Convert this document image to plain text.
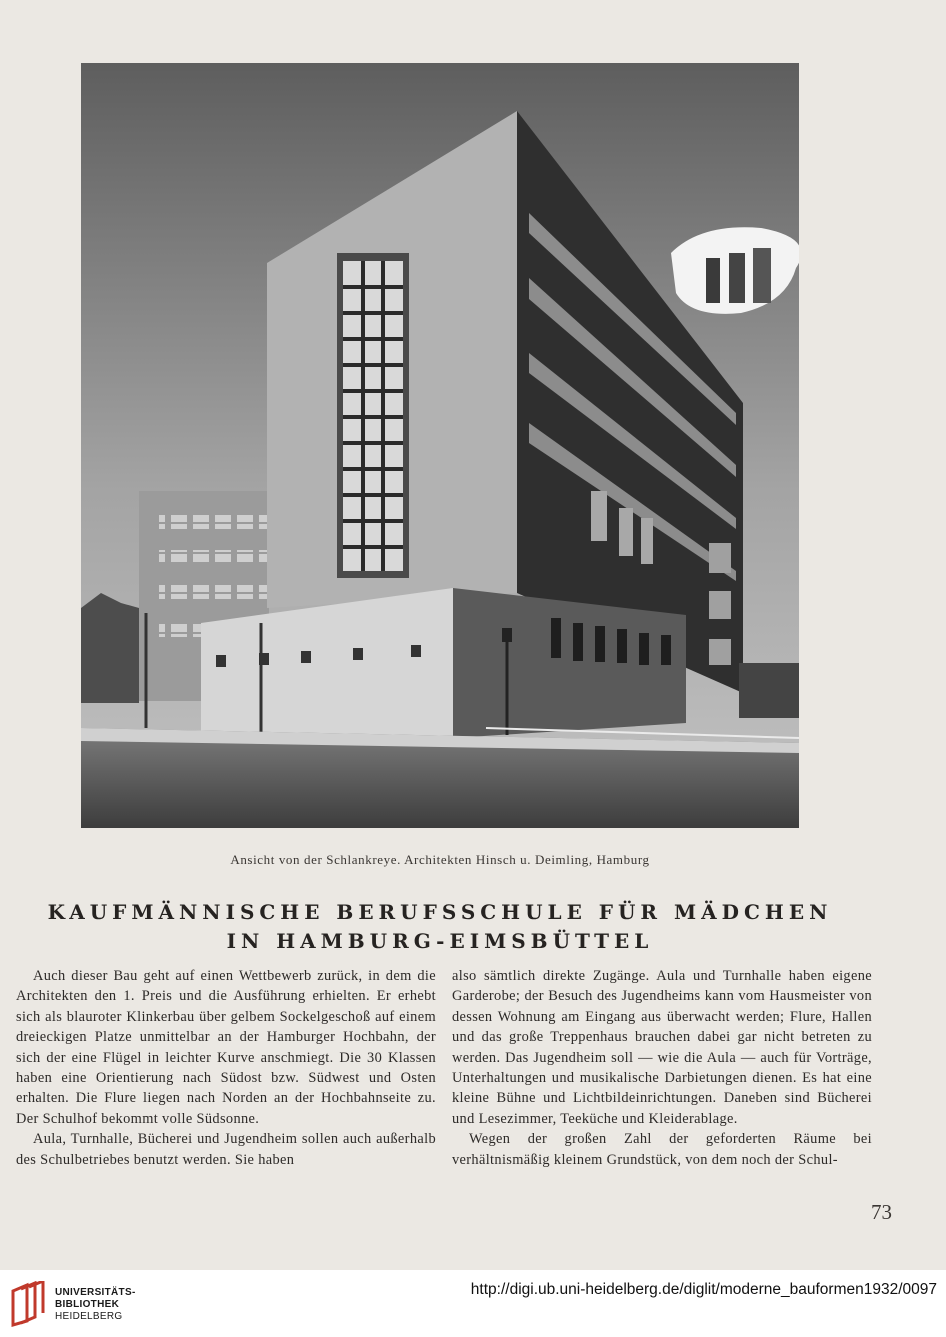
Ansicht von der Schlankreye. Architekten Hinsch u. Deimling, Hamburg
KAUFMÄNNISCHE BERUFSSCHULE FÜR MÄDCHEN
IN HAMBURG-EIMSBÜTTEL

Auch dieser Bau geht auf einen Wettbewerb zurück, in dem die Architekten den 1. Preis und die Ausführung erhielten. Er erhebt sich als blauroter Klinkerbau über gelbem Sockelgeschoß auf einem dreieckigen Platze unmittelbar an der Hamburger Hochbahn, der sich der eine Flügel in leichter Kurve anschmiegt. Die 30 Klassen haben eine Orientierung nach Südost bzw. Südwest und Osten erhalten. Die Flure liegen nach Norden an der Hochbahnseite zu. Der Schulhof bekommt volle Südsonne.

Aula, Turnhalle, Bücherei und Jugendheim sollen auch außerhalb des Schulbetriebes benutzt werden. Sie haben

also sämtlich direkte Zugänge. Aula und Turnhalle haben eigene Garderobe; der Besuch des Jugendheims kann vom Hausmeister von dessen Wohnung am Eingang aus überwacht werden; Flure, Hallen und das große Treppenhaus brauchen dabei gar nicht betreten zu werden. Das Jugendheim soll — wie die Aula — auch für Vorträge, Unterhaltungen und musikalische Darbietungen dienen. Es hat eine kleine Bühne und Lichtbildeinrichtungen. Daneben sind Bücherei und Lesezimmer, Teeküche und Kleiderablage.

Wegen der großen Zahl der geforderten Räume bei verhältnismäßig kleinem Grundstück, von dem noch der Schul-

73
UNIVERSITÄTS-
BIBLIOTHEK
HEIDELBERG
http://digi.ub.uni-heidelberg.de/diglit/moderne_bauformen1932/0097
